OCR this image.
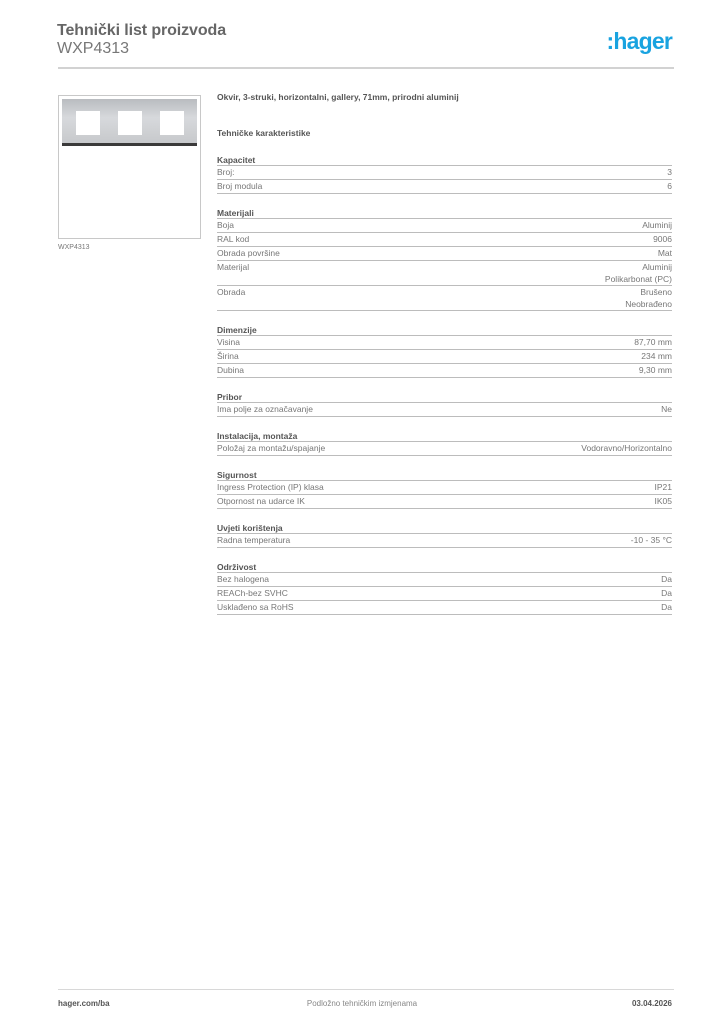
Tehnički list proizvoda
WXP4313	:hager
WXP4313
Okvir, 3-struki, horizontalni, gallery, 71mm, prirodni aluminij
Tehničke karakteristike
Kapacitet
Broj:	3
Broj modula	6
Materijali
Boja	Aluminij
RAL kod	9006
Obrada površine	Mat
Materijal	Aluminij
Polikarbonat (PC)
Obrada	Brušeno
Neobrađeno
Dimenzije
Visina	87,70 mm
Širina	234 mm
Dubina	9,30 mm
Pribor
Ima polje za označavanje	Ne
Instalacija, montaža
Položaj za montažu/spajanje	Vodoravno/Horizontalno
Sigurnost
Ingress Protection (IP) klasa	IP21
Otpornost na udarce IK	IK05
Uvjeti korištenja
Radna temperatura	-10 - 35 °C
Održivost
Bez halogena	Da
REACh-bez SVHC	Da
Usklađeno sa RoHS	Da
hager.com/ba	Podložno tehničkim izmjenama	03.04.2026
